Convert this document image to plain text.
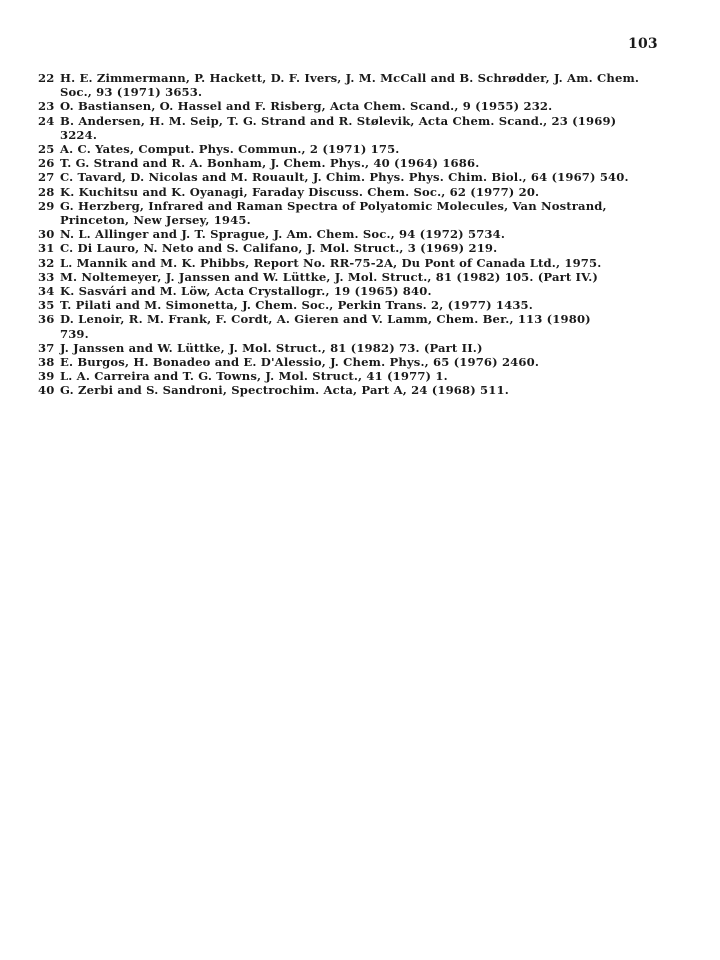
103
22 H. E. Zimmermann, P. Hackett, D. F. Ivers, J. M. McCall and B. Schrødder, J. Am. Chem.
Soc., 93 (1971) 3653.
23 O. Bastiansen, O. Hassel and F. Risberg, Acta Chem. Scand., 9 (1955) 232.
24 B. Andersen, H. M. Seip, T. G. Strand and R. Stølevik, Acta Chem. Scand., 23 (1969)
3224.
25 A. C. Yates, Comput. Phys. Commun., 2 (1971) 175.
26 T. G. Strand and R. A. Bonham, J. Chem. Phys., 40 (1964) 1686.
27 C. Tavard, D. Nicolas and M. Rouault, J. Chim. Phys. Phys. Chim. Biol., 64 (1967) 540.
28 K. Kuchitsu and K. Oyanagi, Faraday Discuss. Chem. Soc., 62 (1977) 20.
29 G. Herzberg, Infrared and Raman Spectra of Polyatomic Molecules, Van Nostrand,
Princeton, New Jersey, 1945.
30 N. L. Allinger and J. T. Sprague, J. Am. Chem. Soc., 94 (1972) 5734.
31 C. Di Lauro, N. Neto and S. Califano, J. Mol. Struct., 3 (1969) 219.
32 L. Mannik and M. K. Phibbs, Report No. RR-75-2A, Du Pont of Canada Ltd., 1975.
33 M. Noltemeyer, J. Janssen and W. Lüttke, J. Mol. Struct., 81 (1982) 105. (Part IV.)
34 K. Sasvári and M. Löw, Acta Crystallogr., 19 (1965) 840.
35 T. Pilati and M. Simonetta, J. Chem. Soc., Perkin Trans. 2, (1977) 1435.
36 D. Lenoir, R. M. Frank, F. Cordt, A. Gieren and V. Lamm, Chem. Ber., 113 (1980)
739.
37 J. Janssen and W. Lüttke, J. Mol. Struct., 81 (1982) 73. (Part II.)
38 E. Burgos, H. Bonadeo and E. D'Alessio, J. Chem. Phys., 65 (1976) 2460.
39 L. A. Carreira and T. G. Towns, J. Mol. Struct., 41 (1977) 1.
40 G. Zerbi and S. Sandroni, Spectrochim. Acta, Part A, 24 (1968) 511.
